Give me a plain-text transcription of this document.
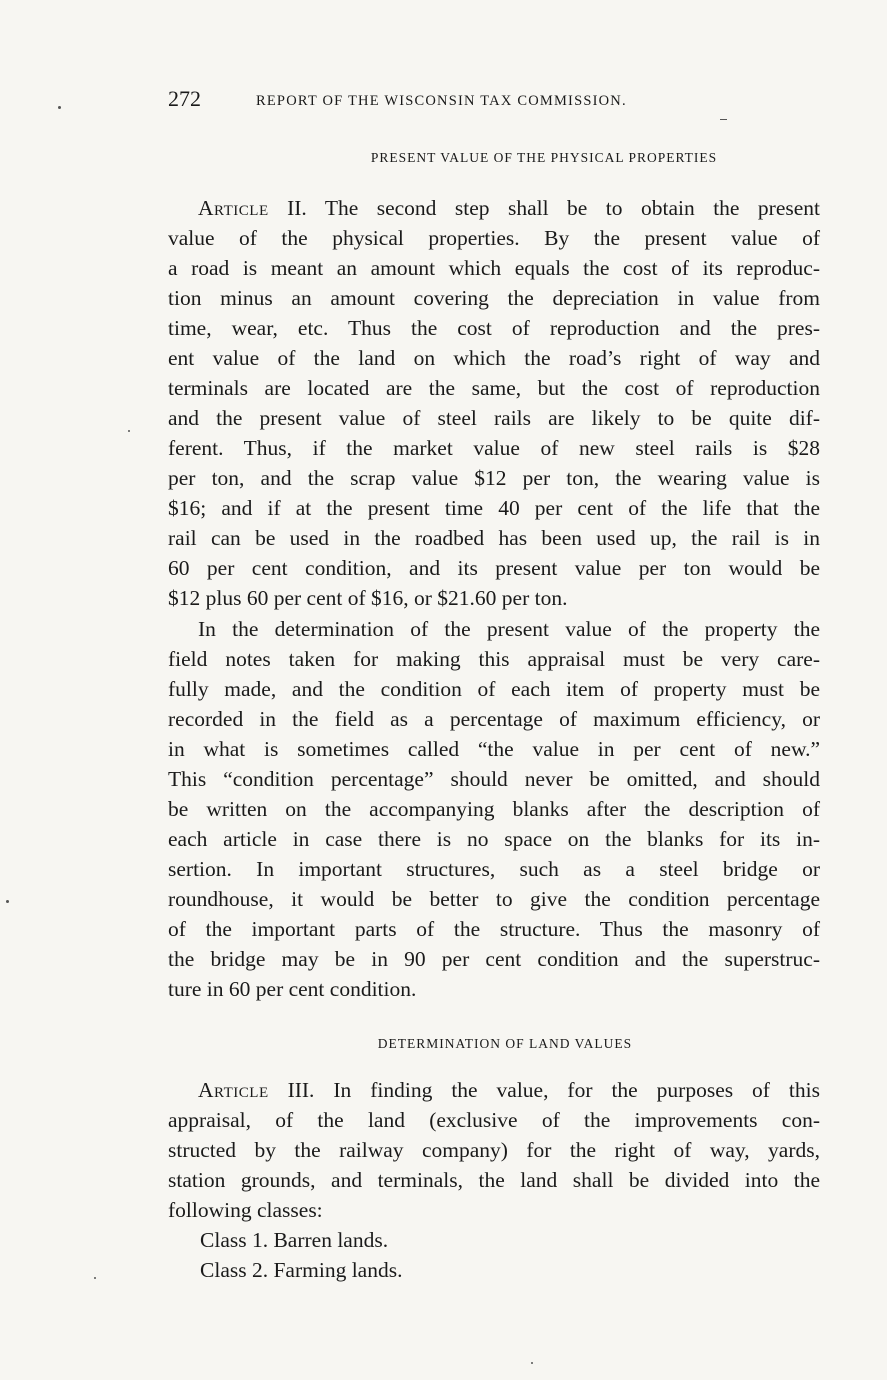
272	REPORT OF THE WISCONSIN TAX COMMISSION.
PRESENT VALUE OF THE PHYSICAL PROPERTIES
Article II. The second step shall be to obtain the present
value of the physical properties. By the present value of
a road is meant an amount which equals the cost of its reproduc-
tion minus an amount covering the depreciation in value from
time, wear, etc. Thus the cost of reproduction and the pres-
ent value of the land on which the road’s right of way and
terminals are located are the same, but the cost of reproduction
and the present value of steel rails are likely to be quite dif-
ferent. Thus, if the market value of new steel rails is $28
per ton, and the scrap value $12 per ton, the wearing value is
$16; and if at the present time 40 per cent of the life that the
rail can be used in the roadbed has been used up, the rail is in
60 per cent condition, and its present value per ton would be
$12 plus 60 per cent of $16, or $21.60 per ton.
In the determination of the present value of the property the
field notes taken for making this appraisal must be very care-
fully made, and the condition of each item of property must be
recorded in the field as a percentage of maximum efficiency, or
in what is sometimes called “the value in per cent of new.”
This “condition percentage” should never be omitted, and should
be written on the accompanying blanks after the description of
each article in case there is no space on the blanks for its in-
sertion. In important structures, such as a steel bridge or
roundhouse, it would be better to give the condition percentage
of the important parts of the structure. Thus the masonry of
the bridge may be in 90 per cent condition and the superstruc-
ture in 60 per cent condition.
DETERMINATION OF LAND VALUES
Article III. In finding the value, for the purposes of this
appraisal, of the land (exclusive of the improvements con-
structed by the railway company) for the right of way, yards,
station grounds, and terminals, the land shall be divided into the
following classes:
Class 1. Barren lands.
Class 2. Farming lands.
